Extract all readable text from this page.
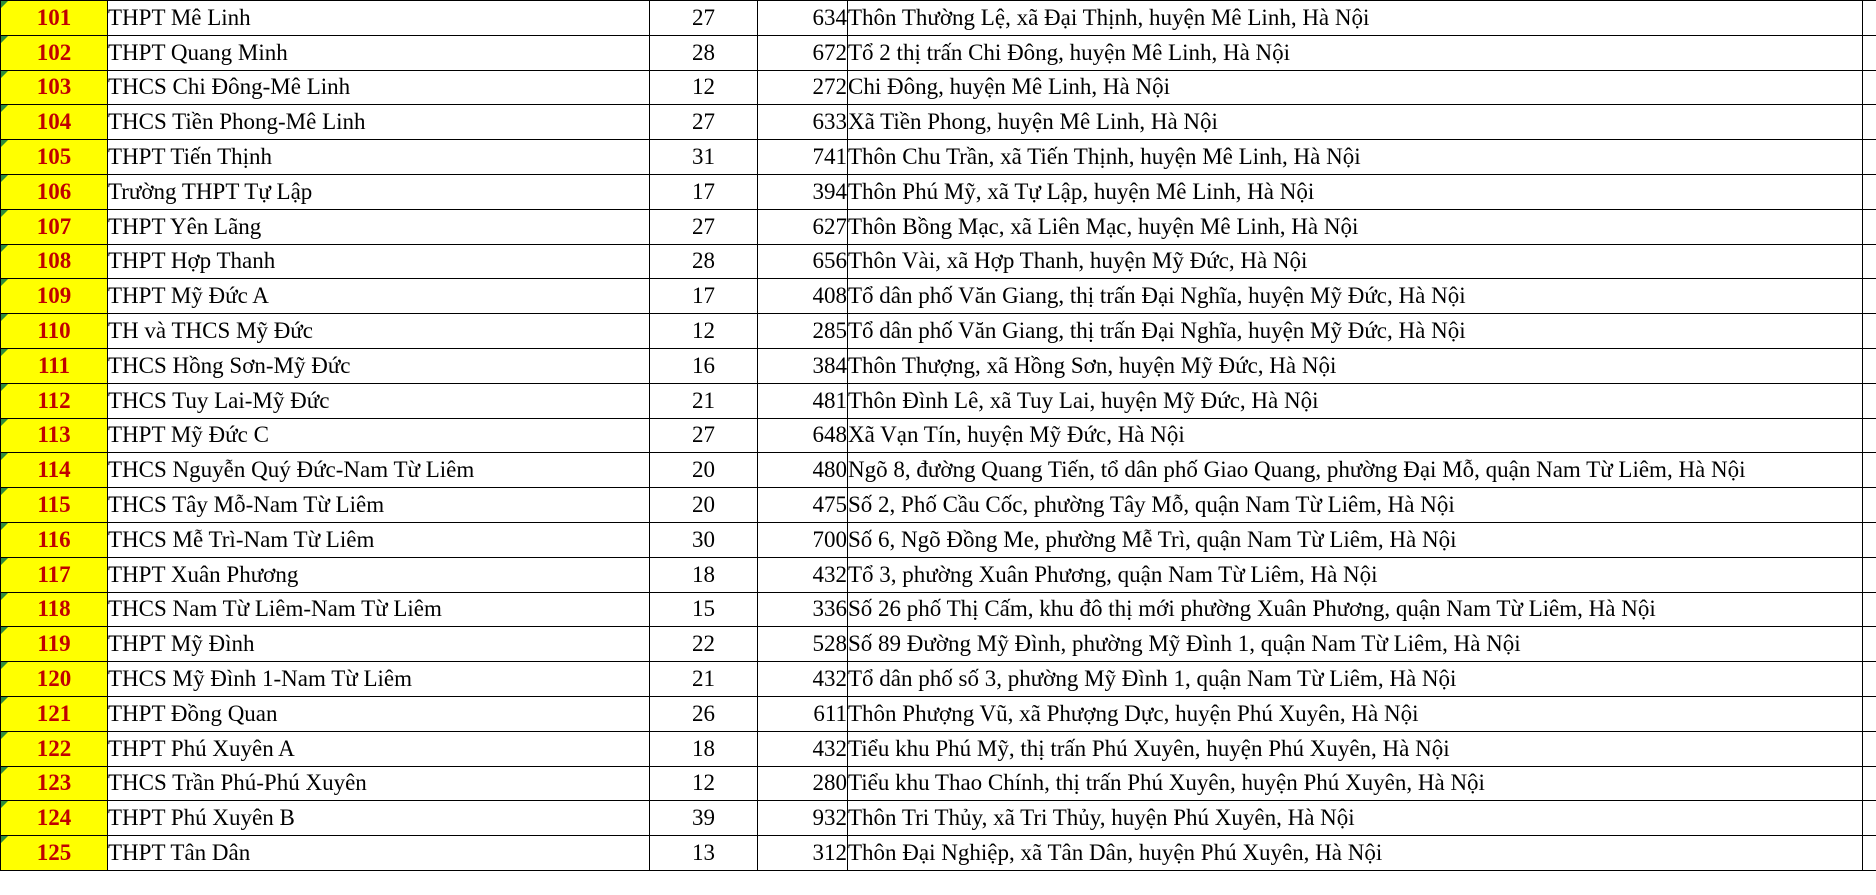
101	THPT Mê Linh	27	634	Thôn Thường Lệ, xã Đại Thịnh, huyện Mê Linh, Hà Nội	
102	THPT Quang Minh	28	672	Tổ 2 thị trấn Chi Đông, huyện Mê Linh, Hà Nội	
103	THCS Chi Đông-Mê Linh	12	272	Chi Đông, huyện Mê Linh, Hà Nội	
104	THCS Tiền Phong-Mê Linh	27	633	Xã Tiền Phong, huyện Mê Linh, Hà Nội	
105	THPT Tiến Thịnh	31	741	Thôn Chu Trần, xã Tiến Thịnh, huyện Mê Linh, Hà Nội	
106	Trường THPT Tự Lập	17	394	Thôn Phú Mỹ, xã Tự Lập, huyện Mê Linh, Hà Nội	
107	THPT Yên Lãng	27	627	Thôn Bồng Mạc, xã Liên Mạc, huyện Mê Linh, Hà Nội	
108	THPT Hợp Thanh	28	656	Thôn Vài, xã Hợp Thanh, huyện Mỹ Đức, Hà Nội	
109	THPT Mỹ Đức A	17	408	Tổ dân phố Văn Giang, thị trấn Đại Nghĩa, huyện Mỹ Đức, Hà Nội	
110	TH và THCS Mỹ Đức	12	285	Tổ dân phố Văn Giang, thị trấn Đại Nghĩa, huyện Mỹ Đức, Hà Nội	
111	THCS Hồng Sơn-Mỹ Đức	16	384	Thôn Thượng, xã Hồng Sơn, huyện Mỹ Đức, Hà Nội	
112	THCS Tuy Lai-Mỹ Đức	21	481	Thôn Đình Lê, xã Tuy Lai, huyện Mỹ Đức, Hà Nội	
113	THPT Mỹ Đức C	27	648	Xã Vạn Tín, huyện Mỹ Đức, Hà Nội	
114	THCS Nguyễn Quý Đức-Nam Từ Liêm	20	480	Ngõ 8, đường Quang Tiến, tổ dân phố Giao Quang, phường Đại Mỗ, quận Nam Từ Liêm, Hà Nội	
115	THCS Tây Mỗ-Nam Từ Liêm	20	475	Số 2, Phố Cầu Cốc, phường Tây Mỗ, quận Nam Từ Liêm, Hà Nội	
116	THCS Mễ Trì-Nam Từ Liêm	30	700	Số 6, Ngõ Đồng Me, phường Mễ Trì, quận Nam Từ Liêm, Hà Nội	
117	THPT Xuân Phương	18	432	Tổ 3, phường Xuân Phương, quận Nam Từ Liêm, Hà Nội	
118	THCS Nam Từ Liêm-Nam Từ Liêm	15	336	Số 26 phố Thị Cấm, khu đô thị mới phường Xuân Phương, quận Nam Từ Liêm, Hà Nội	
119	THPT Mỹ Đình	22	528	Số 89 Đường Mỹ Đình, phường Mỹ Đình 1, quận Nam Từ Liêm, Hà Nội	
120	THCS Mỹ Đình 1-Nam Từ Liêm	21	432	Tổ dân phố số 3, phường Mỹ Đình 1, quận Nam Từ Liêm, Hà Nội	
121	THPT Đồng Quan	26	611	Thôn Phượng Vũ, xã Phượng Dực, huyện Phú Xuyên, Hà Nội	
122	THPT Phú Xuyên A	18	432	Tiểu khu Phú Mỹ, thị trấn Phú Xuyên, huyện Phú Xuyên, Hà Nội	
123	THCS Trần Phú-Phú Xuyên	12	280	Tiểu khu Thao Chính, thị trấn Phú Xuyên, huyện Phú Xuyên, Hà Nội	
124	THPT Phú Xuyên B	39	932	Thôn Tri Thủy, xã Tri Thủy, huyện Phú Xuyên, Hà Nội	
125	THPT Tân Dân	13	312	Thôn Đại Nghiệp, xã Tân Dân, huyện Phú Xuyên, Hà Nội	
